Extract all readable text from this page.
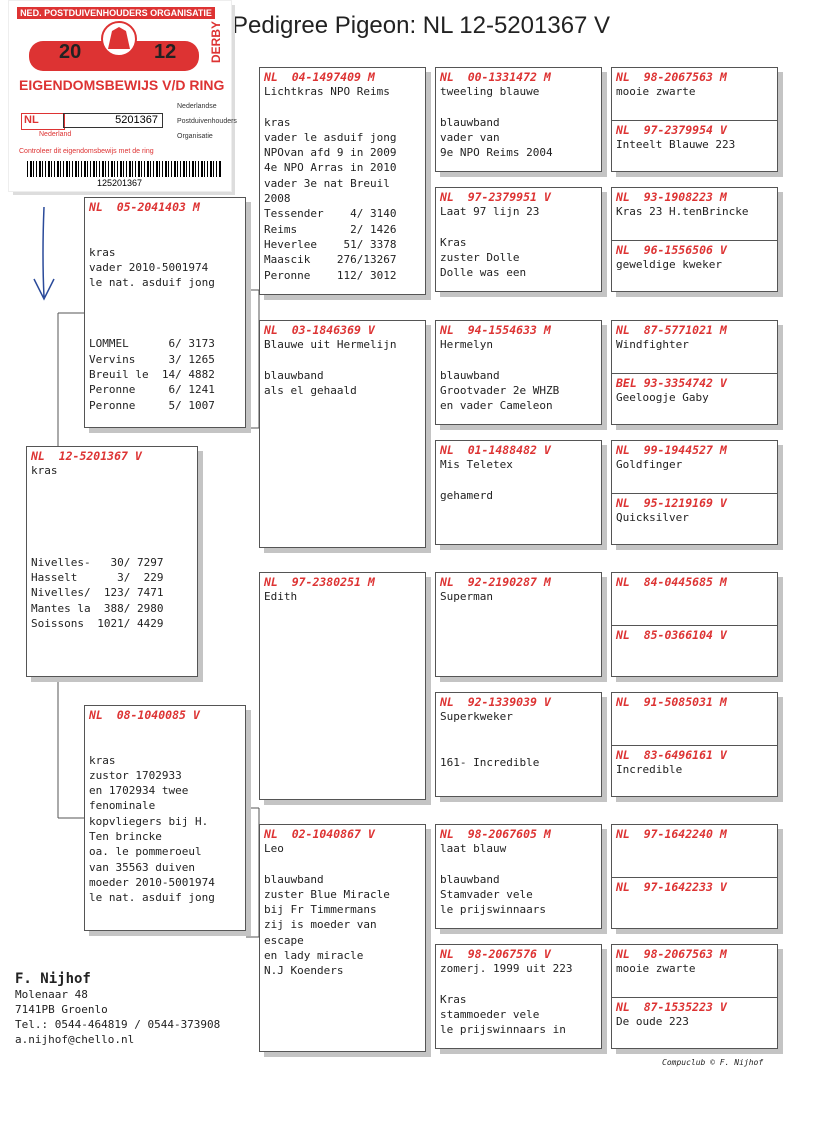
Pedigree Pigeon: NL 12-5201367 V
NED. POSTDUIVENHOUDERS ORGANISATIE
20	12	DERBY
EIGENDOMSBEWIJS V/D RING
NL	5201367
Nederland
Nederlandse
Postduivenhouders
Organisatie
Controleer dit eigendomsbewijs met de ring
125201367
NL  12-5201367 V
kras
Nivelles-   30/ 7297
Hasselt      3/  229
Nivelles/  123/ 7471
Mantes la  388/ 2980
Soissons  1021/ 4429
NL  05-2041403 M
kras
vader 2010-5001974
le nat. asduif jong
LOMMEL      6/ 3173
Vervins     3/ 1265
Breuil le  14/ 4882
Peronne     6/ 1241
Peronne     5/ 1007
NL  08-1040085 V
kras
zustor 1702933
en 1702934 twee
fenominale
kopvliegers bij H.
Ten brincke
oa. le pommeroeul
van 35563 duiven
moeder 2010-5001974
le nat. asduif jong
NL  04-1497409 M
Lichtkras NPO Reims
kras
vader le asduif jong
NPOvan afd 9 in 2009
4e NPO Arras in 2010
vader 3e nat Breuil
2008
Tessender    4/ 3140
Reims        2/ 1426
Heverlee    51/ 3378
Maascik    276/13267
Peronne    112/ 3012
NL  03-1846369 V
Blauwe uit Hermelijn
blauwband
als el gehaald
NL  97-2380251 M
Edith
NL  02-1040867 V
Leo
blauwband
zuster Blue Miracle
bij Fr Timmermans
zij is moeder van
escape
en lady miracle
N.J Koenders
NL  00-1331472 M
tweeling blauwe
blauwband
vader van
9e NPO Reims 2004
NL  97-2379951 V
Laat 97 lijn 23
Kras
zuster Dolle
Dolle was een
NL  94-1554633 M
Hermelyn
blauwband
Grootvader 2e WHZB
en vader Cameleon
NL  01-1488482 V
Mis Teletex
gehamerd
NL  92-2190287 M
Superman
NL  92-1339039 V
Superkweker
161- Incredible
NL  98-2067605 M
laat blauw
blauwband
Stamvader vele
le prijswinnaars
NL  98-2067576 V
zomerj. 1999 uit 223
Kras
stammoeder vele
le prijswinnaars in
NL  98-2067563 M
mooie zwarte
NL  97-2379954 V
Inteelt Blauwe 223
NL  93-1908223 M
Kras 23 H.tenBrincke
NL  96-1556506 V
geweldige kweker
NL  87-5771021 M
Windfighter
BEL 93-3354742 V
Geeloogje Gaby
NL  99-1944527 M
Goldfinger
NL  95-1219169 V
Quicksilver
NL  84-0445685 M
NL  85-0366104 V
NL  91-5085031 M
NL  83-6496161 V
Incredible
NL  97-1642240 M
NL  97-1642233 V
NL  98-2067563 M
mooie zwarte
NL  87-1535223 V
De oude 223
F. Nijhof
Molenaar 48
7141PB Groenlo
Tel.: 0544-464819 / 0544-373908
a.nijhof@chello.nl
Compuclub © F. Nijhof
